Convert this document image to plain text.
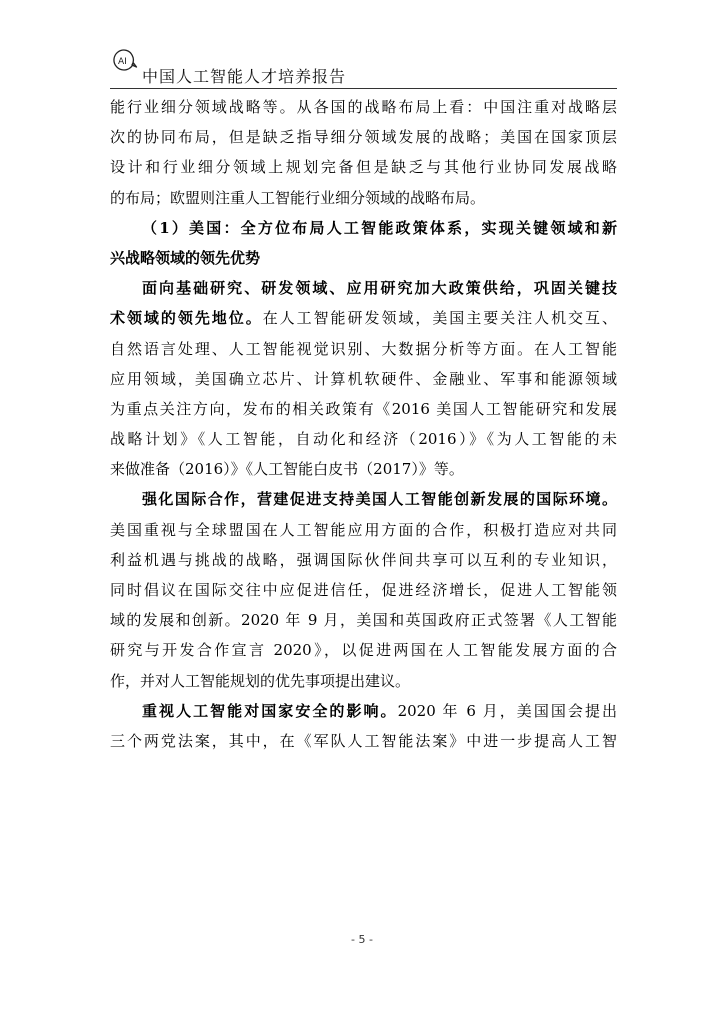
AI
中国人工智能人才培养报告
能行业细分领域战略等。从各国的战略布局上看：中国注重对战略层
次的协同布局，但是缺乏指导细分领域发展的战略；美国在国家顶层
设计和行业细分领域上规划完备但是缺乏与其他行业协同发展战略
的布局；欧盟则注重人工智能行业细分领域的战略布局。
（1）美国：全方位布局人工智能政策体系，实现关键领域和新
兴战略领域的领先优势
面向基础研究、研发领域、应用研究加大政策供给，巩固关键技
术领域的领先地位。在人工智能研发领域，美国主要关注人机交互、
自然语言处理、人工智能视觉识别、大数据分析等方面。在人工智能
应用领域，美国确立芯片、计算机软硬件、金融业、军事和能源领域
为重点关注方向，发布的相关政策有《2016 美国人工智能研究和发展
战略计划》《人工智能，自动化和经济（2016）》《为人工智能的未
来做准备（2016）》《人工智能白皮书（2017）》等。
强化国际合作，营建促进支持美国人工智能创新发展的国际环境。
美国重视与全球盟国在人工智能应用方面的合作，积极打造应对共同
利益机遇与挑战的战略，强调国际伙伴间共享可以互利的专业知识，
同时倡议在国际交往中应促进信任，促进经济增长，促进人工智能领
域的发展和创新。2020 年 9 月，美国和英国政府正式签署《人工智能
研究与开发合作宣言 2020》，以促进两国在人工智能发展方面的合
作，并对人工智能规划的优先事项提出建议。
重视人工智能对国家安全的影响。2020 年 6 月，美国国会提出
三个两党法案，其中，在《军队人工智能法案》中进一步提高人工智
- 5 -
